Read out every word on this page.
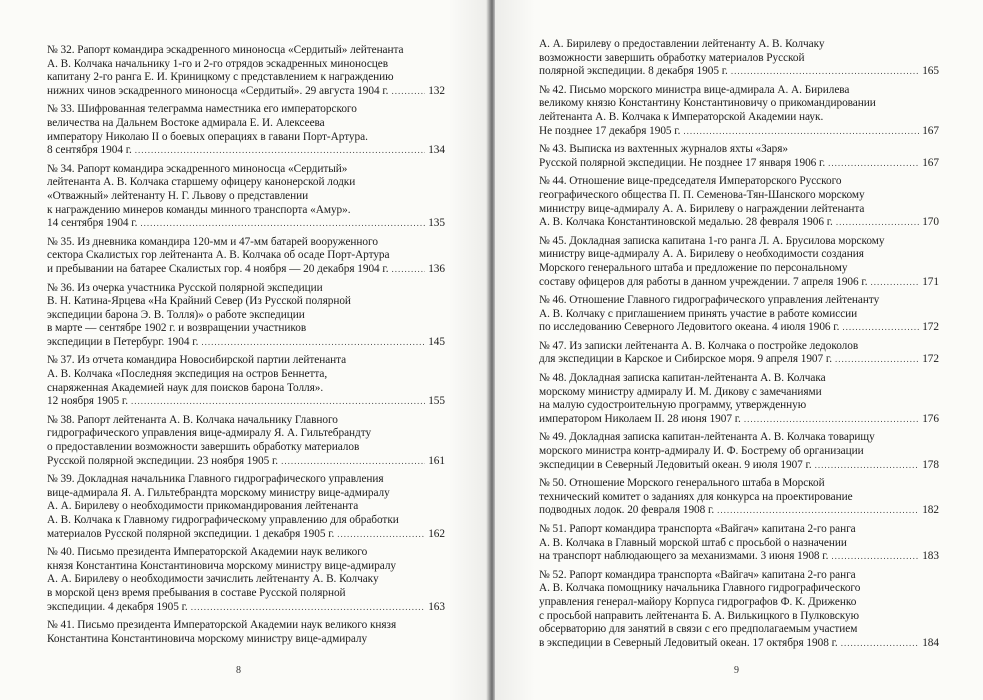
№ 32. Рапорт командира эскадренного миноносца «Сердитый» лейтенанта

А. В. Колчака начальнику 1-го и 2-го отрядов эскадренных миноносцев

капитану 2-го ранга Е. И. Криницкому с представлением к награждению

нижних чинов эскадренного миноносца «Сердитый». 29 августа 1904 г. .....	132

№ 33. Шифрованная телеграмма наместника его императорского

величества на Дальнем Востоке адмирала Е. И. Алексеева

императору Николаю II о боевых операциях в гавани Порт-Артура.

8 сентября 1904 г. .....	134

№ 34. Рапорт командира эскадренного миноносца «Сердитый»

лейтенанта А. В. Колчака старшему офицеру канонерской лодки

«Отважный» лейтенанту Н. Г. Львову о представлении

к награждению минеров команды минного транспорта «Амур».

14 сентября 1904 г. .....	135

№ 35. Из дневника командира 120-мм и 47-мм батарей вооруженного

сектора Скалистых гор лейтенанта А. В. Колчака об осаде Порт-Артура

и пребывании на батарее Скалистых гор. 4 ноября — 20 декабря 1904 г. .....	136

№ 36. Из очерка участника Русской полярной экспедиции

В. Н. Катина-Ярцева «На Крайний Север (Из Русской полярной

экспедиции барона Э. В. Толля)» о работе экспедиции

в марте — сентябре 1902 г. и возвращении участников

экспедиции в Петербург. 1904 г. .....	145

№ 37. Из отчета командира Новосибирской партии лейтенанта

А. В. Колчака «Последняя экспедиция на остров Беннетта,

снаряженная Академией наук для поисков барона Толля».

12 ноября 1905 г. .....	155

№ 38. Рапорт лейтенанта А. В. Колчака начальнику Главного

гидрографического управления вице-адмиралу Я. А. Гильтебрандту

о предоставлении возможности завершить обработку материалов

Русской полярной экспедиции. 23 ноября 1905 г. .....	161

№ 39. Докладная начальника Главного гидрографического управления

вице-адмирала Я. А. Гильтебрандта морскому министру вице-адмиралу

А. А. Бирилеву о необходимости прикомандирования лейтенанта

А. В. Колчака к Главному гидрографическому управлению для обработки

материалов Русской полярной экспедиции. 1 декабря 1905 г. .....	162

№ 40. Письмо президента Императорской Академии наук великого

князя Константина Константиновича морскому министру вице-адмиралу

А. А. Бирилеву о необходимости зачислить лейтенанту А. В. Колчаку

в морской ценз время пребывания в составе Русской полярной

экспедиции. 4 декабря 1905 г. .....	163

№ 41. Письмо президента Императорской Академии наук великого князя

Константина Константиновича морскому министру вице-адмиралу

8

А. А. Бирилеву о предоставлении лейтенанту А. В. Колчаку

возможности завершить обработку материалов Русской

полярной экспедиции. 8 декабря 1905 г. .....	165

№ 42. Письмо морского министра вице-адмирала А. А. Бирилева

великому князю Константину Константиновичу о прикомандировании

лейтенанта А. В. Колчака к Императорской Академии наук.

Не позднее 17 декабря 1905 г. .....	167

№ 43. Выписка из вахтенных журналов яхты «Заря»

Русской полярной экспедиции. Не позднее 17 января 1906 г. .....	167

№ 44. Отношение вице-председателя Императорского Русского

географического общества П. П. Семенова-Тян-Шанского морскому

министру вице-адмиралу А. А. Бирилеву о награждении лейтенанта

А. В. Колчака Константиновской медалью. 28 февраля 1906 г. .....	170

№ 45. Докладная записка капитана 1-го ранга Л. А. Брусилова морскому

министру вице-адмиралу А. А. Бирилеву о необходимости создания

Морского генерального штаба и предложение по персональному

составу офицеров для работы в данном учреждении. 7 апреля 1906 г. .....	171

№ 46. Отношение Главного гидрографического управления лейтенанту

А. В. Колчаку с приглашением принять участие в работе комиссии

по исследованию Северного Ледовитого океана. 4 июля 1906 г. .....	172

№ 47. Из записки лейтенанта А. В. Колчака о постройке ледоколов

для экспедиции в Карское и Сибирское моря. 9 апреля 1907 г. .....	172

№ 48. Докладная записка капитан-лейтенанта А. В. Колчака

морскому министру адмиралу И. М. Дикову с замечаниями

на малую судостроительную программу, утвержденную

императором Николаем II. 28 июня 1907 г. .....	176

№ 49. Докладная записка капитан-лейтенанта А. В. Колчака товарищу

морского министра контр-адмиралу И. Ф. Бострему об организации

экспедиции в Северный Ледовитый океан. 9 июля 1907 г. .....	178

№ 50. Отношение Морского генерального штаба в Морской

технический комитет о заданиях для конкурса на проектирование

подводных лодок. 20 февраля 1908 г. .....	182

№ 51. Рапорт командира транспорта «Вайгач» капитана 2-го ранга

А. В. Колчака в Главный морской штаб с просьбой о назначении

на транспорт наблюдающего за механизмами. 3 июня 1908 г. .....	183

№ 52. Рапорт командира транспорта «Вайгач» капитана 2-го ранга

А. В. Колчака помощнику начальника Главного гидрографического

управления генерал-майору Корпуса гидрографов Ф. К. Дриженко

с просьбой направить лейтенанта Б. А. Вилькицкого в Пулковскую

обсерваторию для занятий в связи с его предполагаемым участием

в экспедиции в Северный Ледовитый океан. 17 октября 1908 г. .....	184

9
